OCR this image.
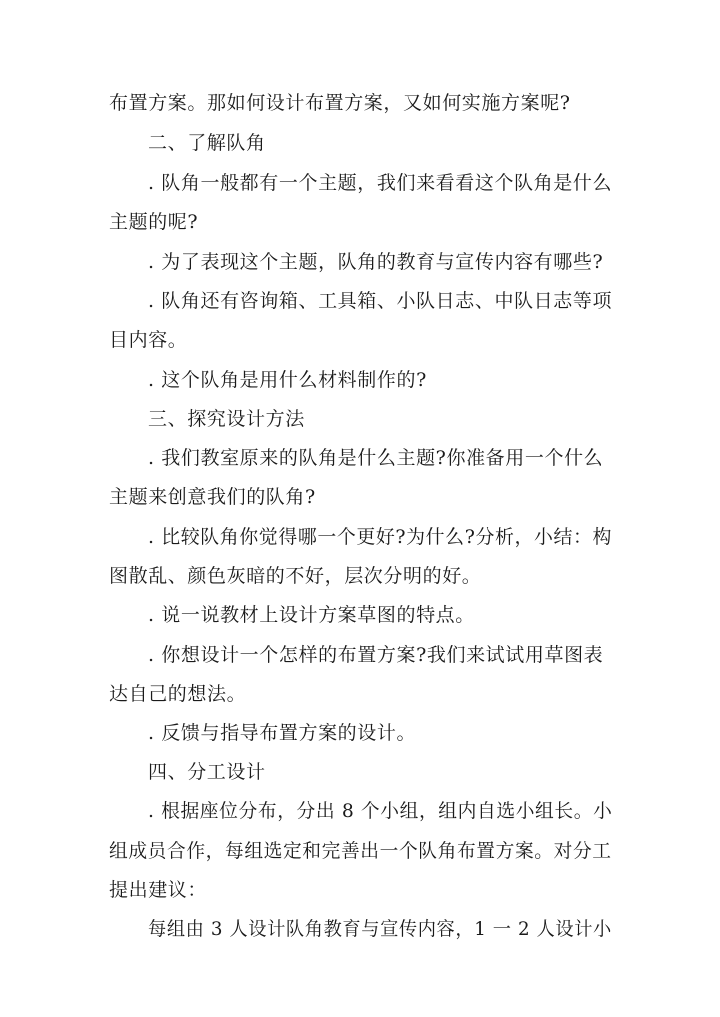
布置方案。那如何设计布置方案，又如何实施方案呢?
二、了解队角
. 队角一般都有一个主题，我们来看看这个队角是什么
主题的呢?
. 为了表现这个主题，队角的教育与宣传内容有哪些?
. 队角还有咨询箱、工具箱、小队日志、中队日志等项
目内容。
. 这个队角是用什么材料制作的?
三、探究设计方法
. 我们教室原来的队角是什么主题?你准备用一个什么
主题来创意我们的队角?
. 比较队角你觉得哪一个更好?为什么?分析，小结：构
图散乱、颜色灰暗的不好，层次分明的好。
. 说一说教材上设计方案草图的特点。
. 你想设计一个怎样的布置方案?我们来试试用草图表
达自己的想法。
. 反馈与指导布置方案的设计。
四、分工设计
. 根据座位分布，分出 8 个小组，组内自选小组长。小
组成员合作，每组选定和完善出一个队角布置方案。对分工
提出建议：
每组由 3 人设计队角教育与宣传内容，1 一 2 人设计小
